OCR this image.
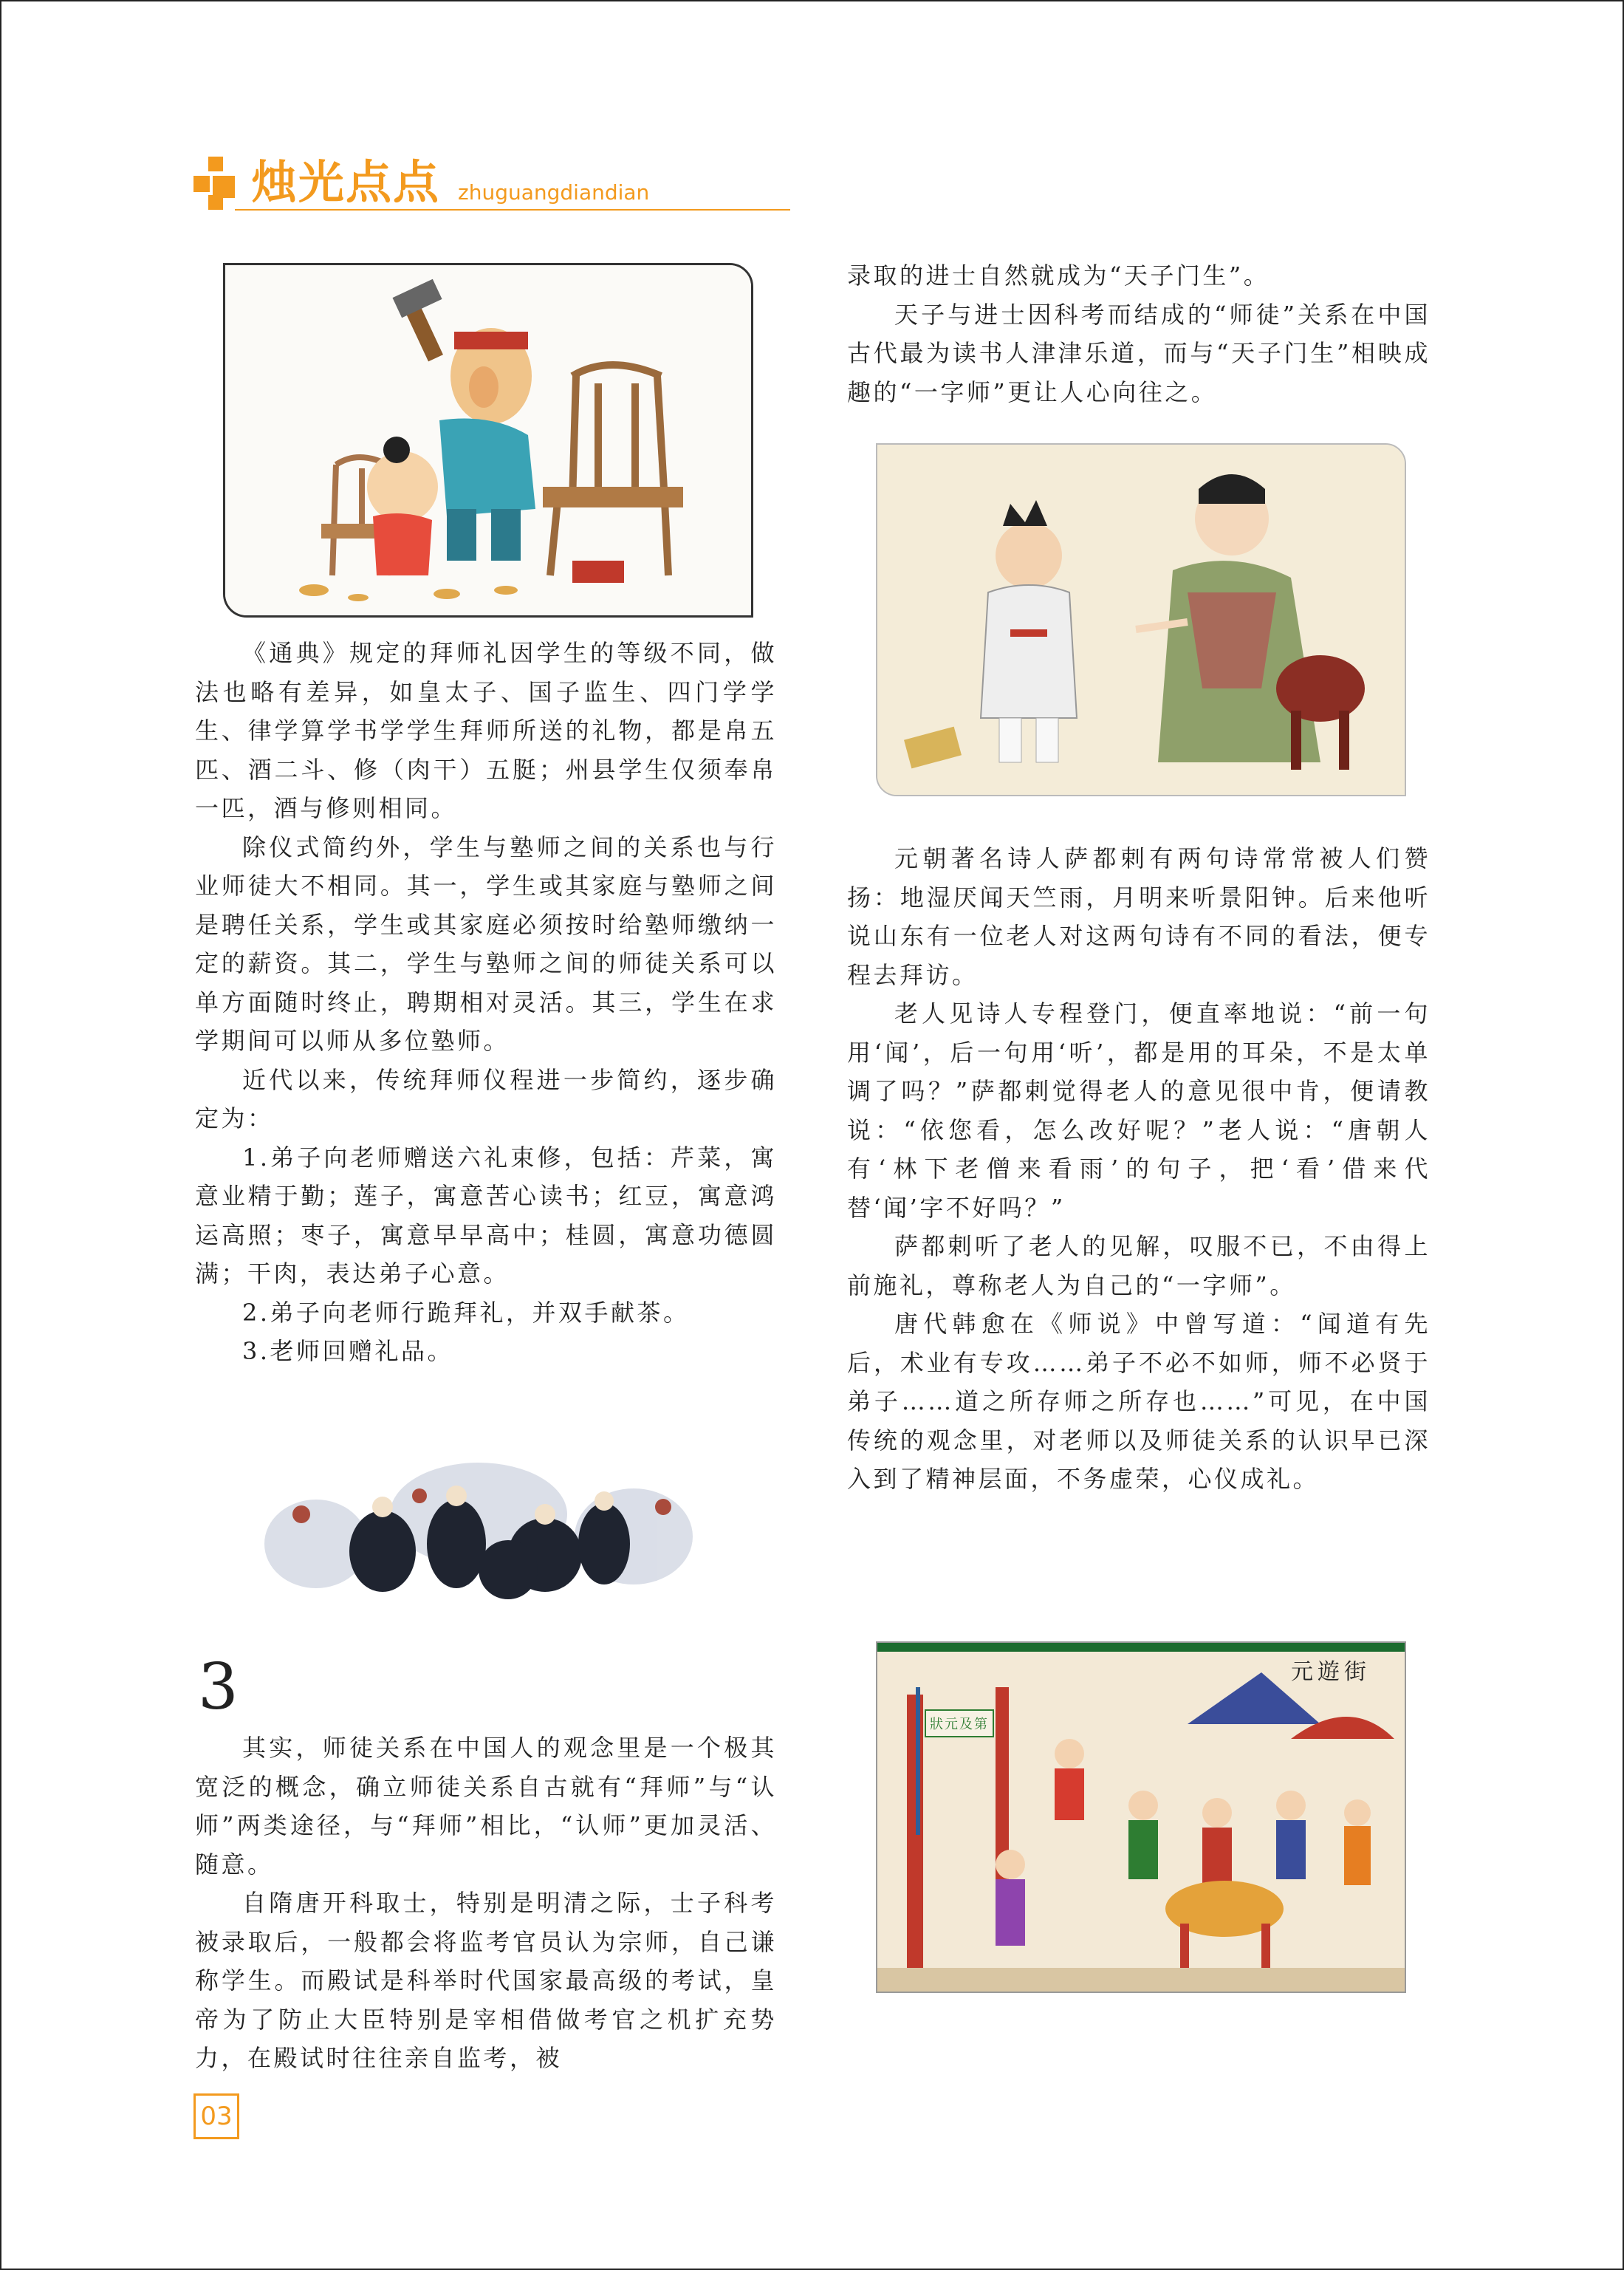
烛光点点 zhuguangdiandian

《通典》规定的拜师礼因学生的等级不同，做法也略有差异，如皇太子、国子监生、四门学学生、律学算学书学学生拜师所送的礼物，都是帛五匹、酒二斗、修（肉干）五脡；州县学生仅须奉帛一匹，酒与修则相同。

除仪式简约外，学生与塾师之间的关系也与行业师徒大不相同。其一，学生或其家庭与塾师之间是聘任关系，学生或其家庭必须按时给塾师缴纳一定的薪资。其二，学生与塾师之间的师徒关系可以单方面随时终止，聘期相对灵活。其三，学生在求学期间可以师从多位塾师。

近代以来，传统拜师仪程进一步简约，逐步确定为：

1.弟子向老师赠送六礼束修，包括：芹菜，寓意业精于勤；莲子，寓意苦心读书；红豆，寓意鸿运高照；枣子，寓意早早高中；桂圆，寓意功德圆满；干肉，表达弟子心意。

2.弟子向老师行跪拜礼，并双手献茶。

3.老师回赠礼品。

3

其实，师徒关系在中国人的观念里是一个极其宽泛的概念，确立师徒关系自古就有“拜师”与“认师”两类途径，与“拜师”相比，“认师”更加灵活、随意。

自隋唐开科取士，特别是明清之际，士子科考被录取后，一般都会将监考官员认为宗师，自己谦称学生。而殿试是科举时代国家最高级的考试，皇帝为了防止大臣特别是宰相借做考官之机扩充势力，在殿试时往往亲自监考，被

录取的进士自然就成为“天子门生”。

天子与进士因科考而结成的“师徒”关系在中国古代最为读书人津津乐道，而与“天子门生”相映成趣的“一字师”更让人心向往之。

元朝著名诗人萨都剌有两句诗常常被人们赞扬：地湿厌闻天竺雨，月明来听景阳钟。后来他听说山东有一位老人对这两句诗有不同的看法，便专程去拜访。

老人见诗人专程登门，便直率地说：“前一句用‘闻’，后一句用‘听’，都是用的耳朵，不是太单调了吗？”萨都剌觉得老人的意见很中肯，便请教说：“依您看，怎么改好呢？”老人说：“唐朝人有‘林下老僧来看雨’的句子，把‘看’借来代替‘闻’字不好吗？”

萨都剌听了老人的见解，叹服不已，不由得上前施礼，尊称老人为自己的“一字师”。

唐代韩愈在《师说》中曾写道：“闻道有先后，术业有专攻……弟子不必不如师，师不必贤于弟子……道之所存师之所存也……”可见，在中国传统的观念里，对老师以及师徒关系的认识早已深入到了精神层面，不务虚荣，心仪成礼。

元遊街
狀元及第
03
